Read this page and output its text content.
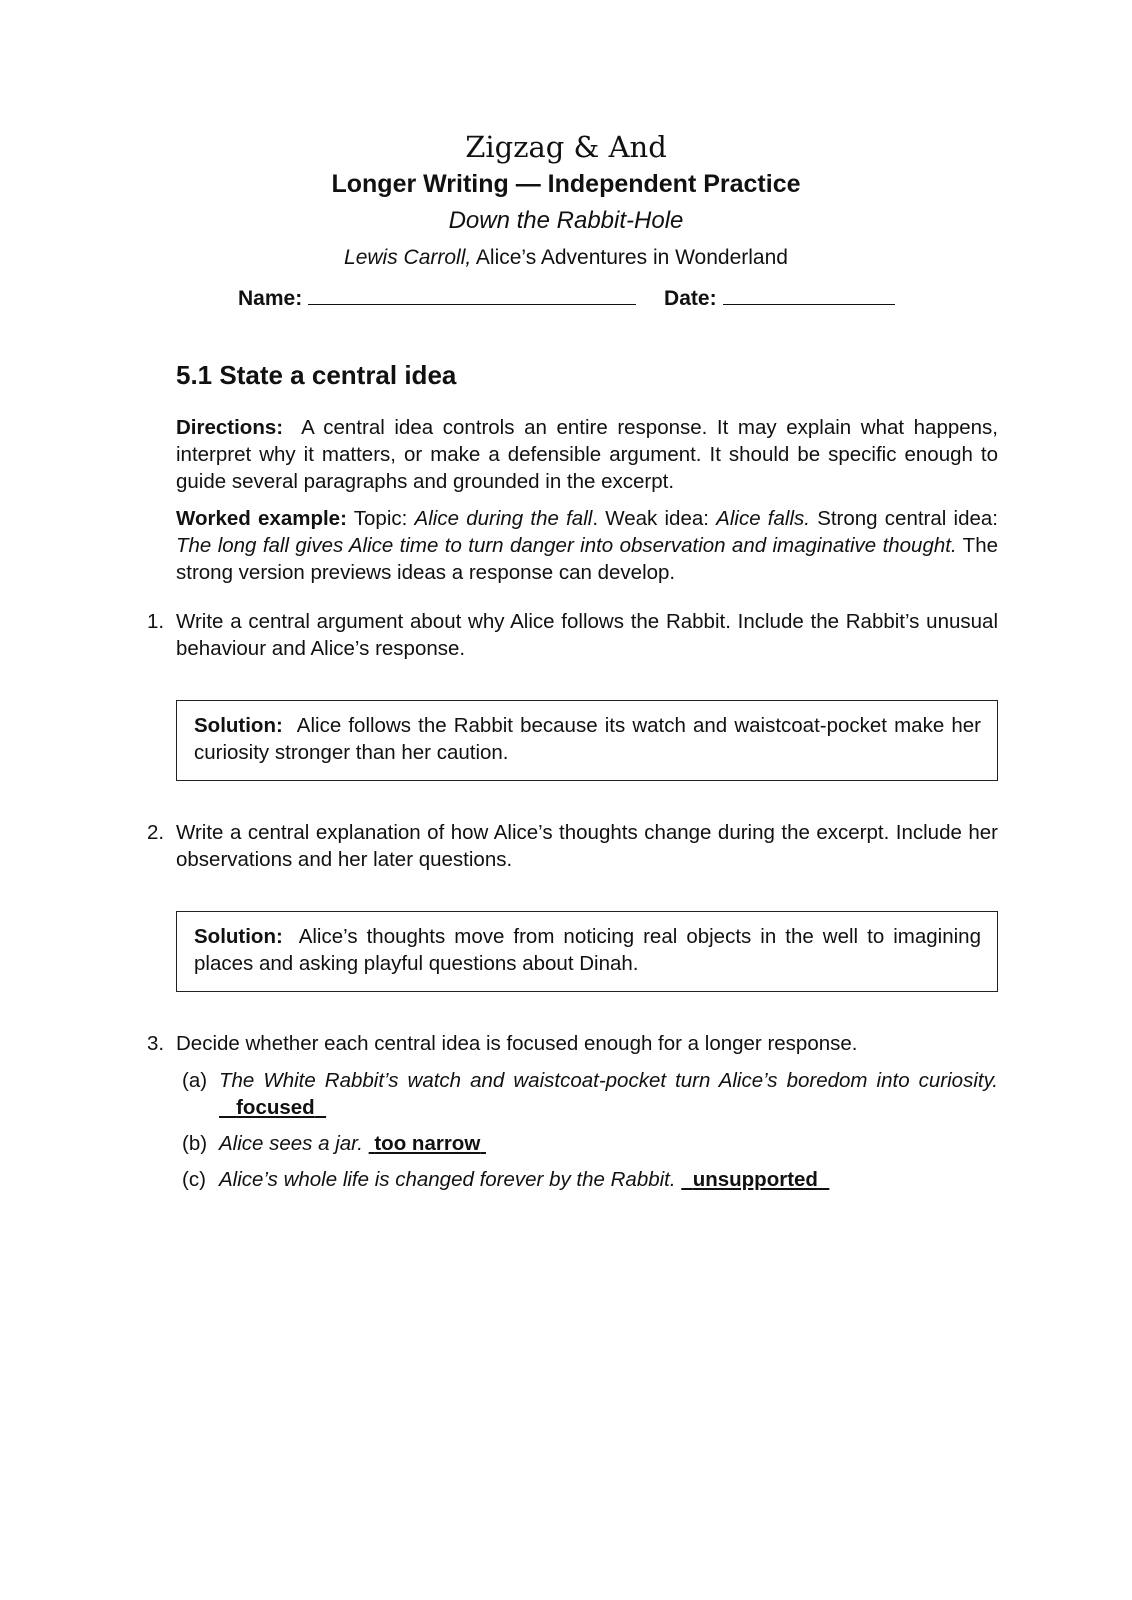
Zigzag & And
Longer Writing — Independent Practice
Down the Rabbit-Hole
Lewis Carroll, Alice’s Adventures in Wonderland
Name:	Date:
5.1 State a central idea

Directions: A central idea controls an entire response. It may explain what happens, interpret why it matters, or make a defensible argument. It should be specific enough to guide several paragraphs and grounded in the excerpt.

Worked example: Topic: Alice during the fall. Weak idea: Alice falls. Strong central idea: The long fall gives Alice time to turn danger into observation and imaginative thought. The strong version previews ideas a response can develop.

1. Write a central argument about why Alice follows the Rabbit. Include the Rabbit’s unusual behaviour and Alice’s response.

Solution: Alice follows the Rabbit because its watch and waistcoat-pocket make her curiosity stronger than her caution.
2. Write a central explanation of how Alice’s thoughts change during the excerpt. Include her observations and her later questions.

Solution: Alice’s thoughts move from noticing real objects in the well to imagining places and asking playful questions about Dinah.
3. Decide whether each central idea is focused enough for a longer response.

(a) The White Rabbit’s watch and waistcoat-pocket turn Alice’s boredom into curiosity.    focused
(b) Alice sees a jar. too narrow
(c) Alice’s whole life is changed forever by the Rabbit. unsupported
